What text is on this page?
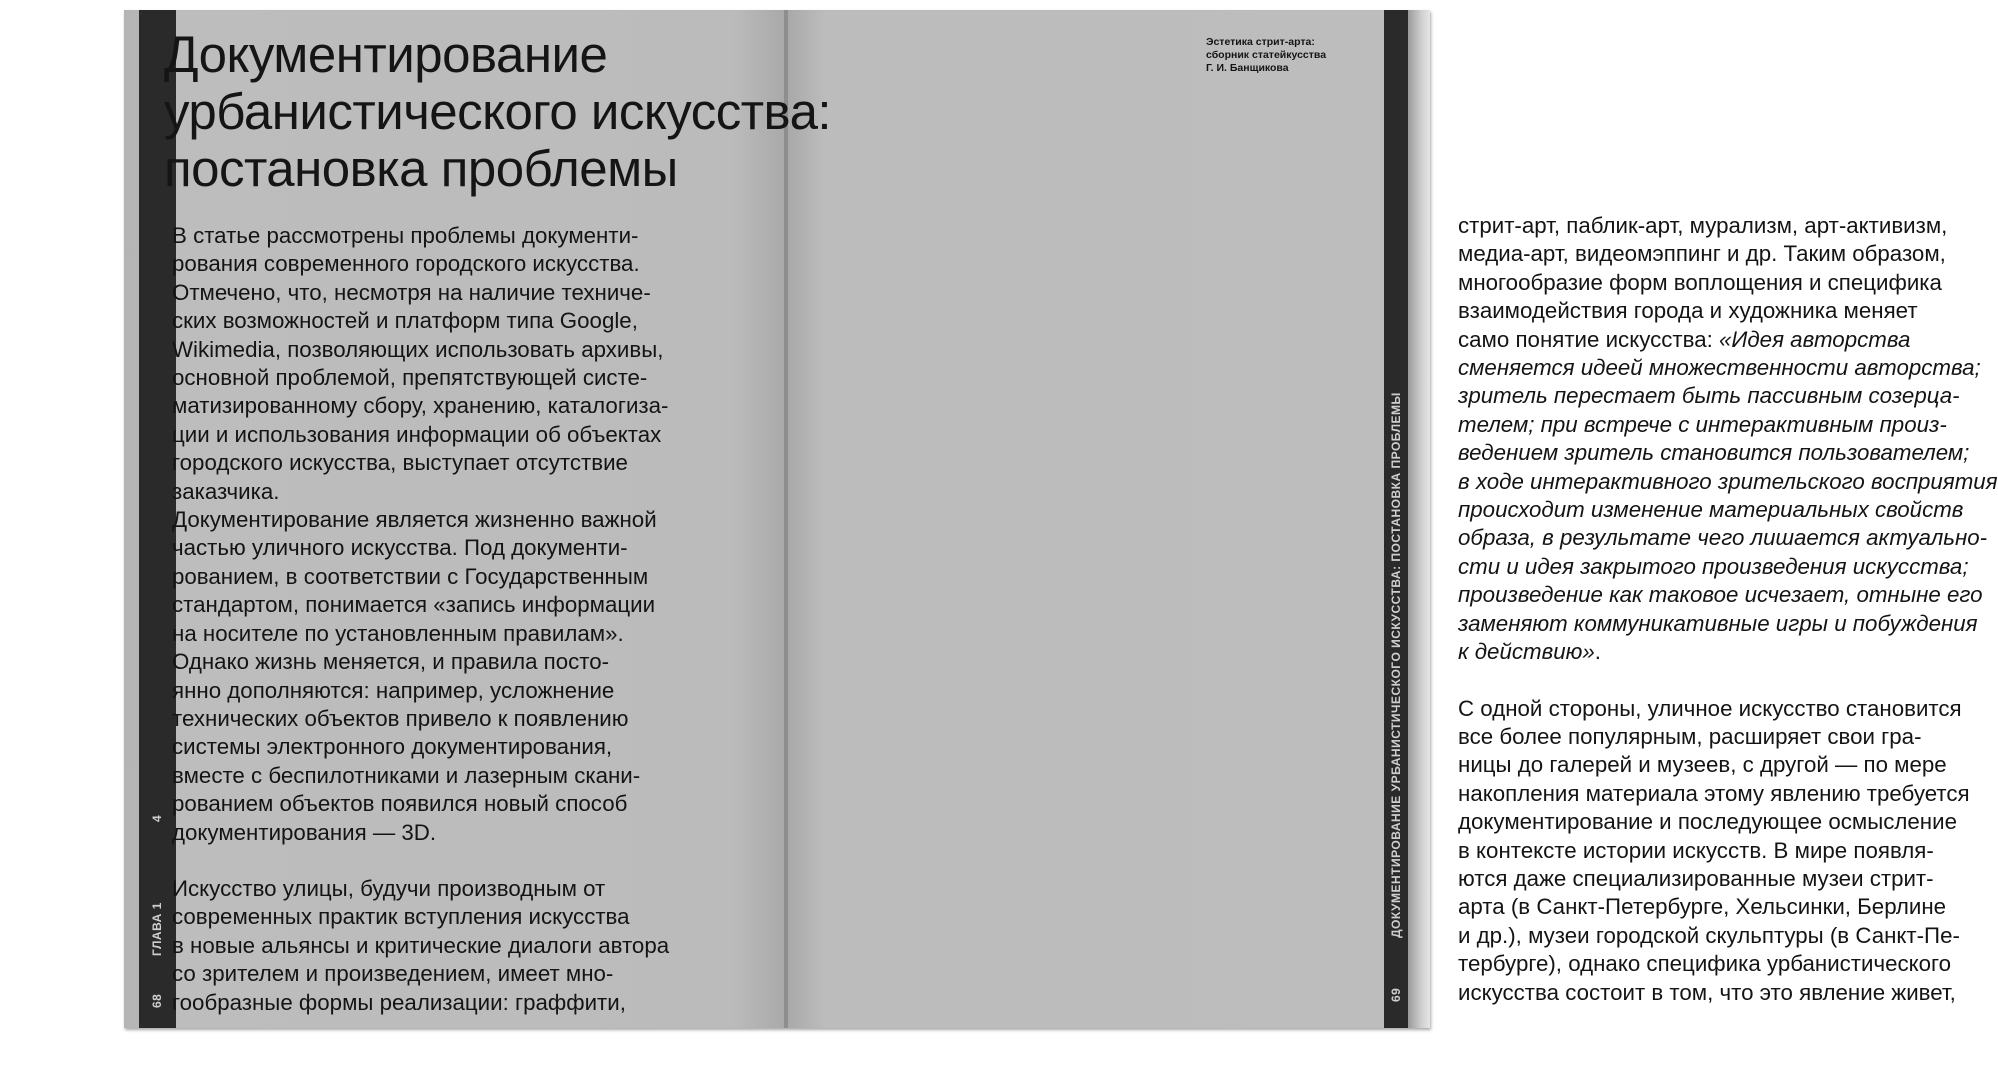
68
ГЛАВА 1
4
В статье рассмотрены проблемы документи-
рования современного городского искусства.
Отмечено, что, несмотря на наличие техниче-
ских возможностей и платформ типа Google,
Wikimedia, позволяющих использовать архивы,
основной проблемой, препятствующей систе-
матизированному сбору, хранению, каталогиза-
ции и использования информации об объектах
городского искусства, выступает отсутствие
заказчика.
Документирование является жизненно важной
частью уличного искусства. Под документи-
рованием, в соответствии с Государственным
стандартом, понимается «запись информации
на носителе по установленным правилам».
Однако жизнь меняется, и правила посто-
янно дополняются: например, усложнение
технических объектов привело к появлению
системы электронного документирования,
вместе с беспилотниками и лазерным скани-
рованием объектов появился новый способ
документирования — 3D.
Искусство улицы, будучи производным от
современных практик вступления искусства
в новые альянсы и критические диалоги автора
со зрителем и произведением, имеет мно-
гообразные формы реализации: граффити,	69
ДОКУМЕНТИРОВАНИЕ УРБАНИСТИЧЕСКОГО ИСКУССТВА: ПОСТАНОВКА ПРОБЛЕМЫ
стрит-арт, паблик-арт, мурализм, арт-активизм,
медиа-арт, видеомэппинг и др. Таким образом,
многообразие форм воплощения и специфика
взаимодействия города и художника меняет
само понятие искусства: «Идея авторства
сменяется идеей множественности авторства;
зритель перестает быть пассивным созерца-
телем; при встрече с интерактивным произ-
ведением зритель становится пользователем;
в ходе интерактивного зрительского восприятия
происходит изменение материальных свойств
образа, в результате чего лишается актуально-
сти и идея закрытого произведения искусства;
произведение как таковое исчезает, отныне его
заменяют коммуникативные игры и побуждения
к действию».
С одной стороны, уличное искусство становится
все более популярным, расширяет свои гра-
ницы до галерей и музеев, с другой — по мере
накопления материала этому явлению требуется
документирование и последующее осмысление
в контексте истории искусств. В мире появля-
ются даже специализированные музеи стрит-
арта (в Санкт-Петербурге, Хельсинки, Берлине
и др.), музеи городской скульптуры (в Санкт-Пе-
тербурге), однако специфика урбанистического
искусства состоит в том, что это явление живет,
Документирование
урбанистического искусства:
постановка проблемы
Эстетика стрит-арта:
сборник статейкусства
Г. И. Банщикова
